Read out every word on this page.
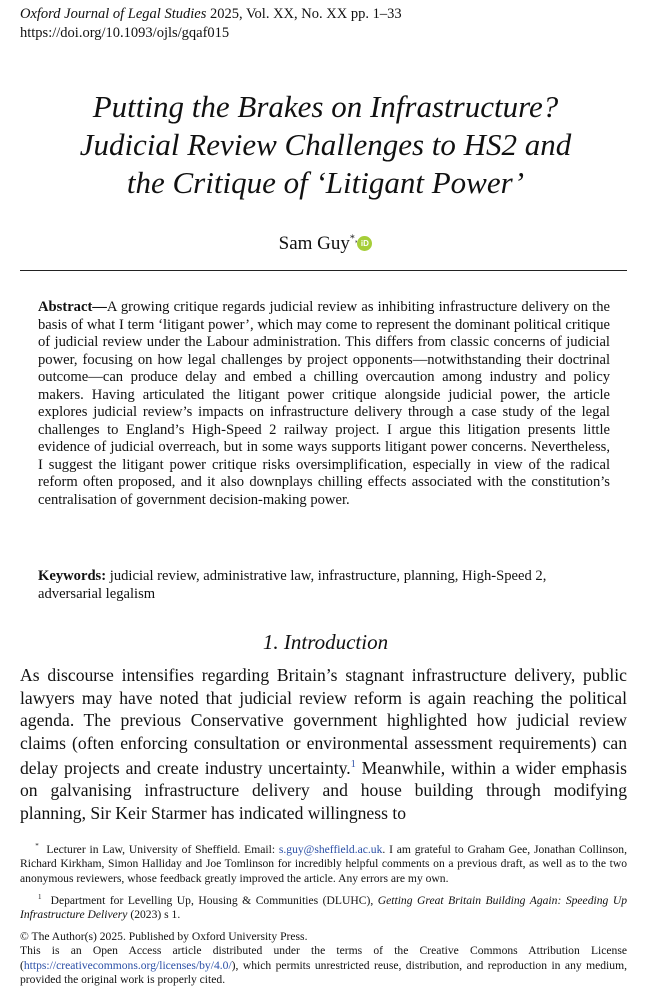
Oxford Journal of Legal Studies 2025, Vol. XX, No. XX pp. 1–33
https://doi.org/10.1093/ojls/gqaf015
Putting the Brakes on Infrastructure?
Judicial Review Challenges to HS2 and
the Critique of ‘Litigant Power’
Sam Guy*, iD

Abstract—A growing critique regards judicial review as inhibiting infrastructure delivery on the basis of what I term ‘litigant power’, which may come to represent the dominant political critique of judicial review under the Labour administration. This differs from classic concerns of judicial power, focusing on how legal challenges by project opponents—notwithstanding their doctrinal outcome—can produce delay and embed a chilling overcaution among industry and policy makers. Having articulated the litigant power critique alongside judicial power, the article explores judicial review’s impacts on infrastructure delivery through a case study of the legal challenges to England’s High-Speed 2 railway project. I argue this litigation presents little evidence of judicial overreach, but in some ways supports litigant power concerns. Nevertheless, I suggest the litigant power critique risks oversimplification, especially in view of the radical reform often proposed, and it also downplays chilling effects associated with the constitution’s centralisation of government decision-making power.

Keywords: judicial review, administrative law, infrastructure, planning, High-Speed 2, adversarial legalism

1. Introduction

As discourse intensifies regarding Britain’s stagnant infrastructure delivery, public lawyers may have noted that judicial review reform is again reaching the political agenda. The previous Conservative government highlighted how judicial review claims (often enforcing consultation or environmental assessment requirements) can delay projects and create industry uncertainty.$^1$ Meanwhile, within a wider emphasis on galvanising infrastructure delivery and house building through modifying planning, Sir Keir Starmer has indicated willingness to

* Lecturer in Law, University of Sheffield. Email: s.guy@sheffield.ac.uk. I am grateful to Graham Gee, Jonathan Collinson, Richard Kirkham, Simon Halliday and Joe Tomlinson for incredibly helpful comments on a previous draft, as well as to the two anonymous reviewers, whose feedback greatly improved the article. Any errors are my own.

$^1$ Department for Levelling Up, Housing & Communities (DLUHC), Getting Great Britain Building Again: Speeding Up Infrastructure Delivery (2023) s 1.

© The Author(s) 2025. Published by Oxford University Press.

This is an Open Access article distributed under the terms of the Creative Commons Attribution License (https://creativecommons.org/licenses/by/4.0/), which permits unrestricted reuse, distribution, and reproduction in any medium, provided the original work is properly cited.
